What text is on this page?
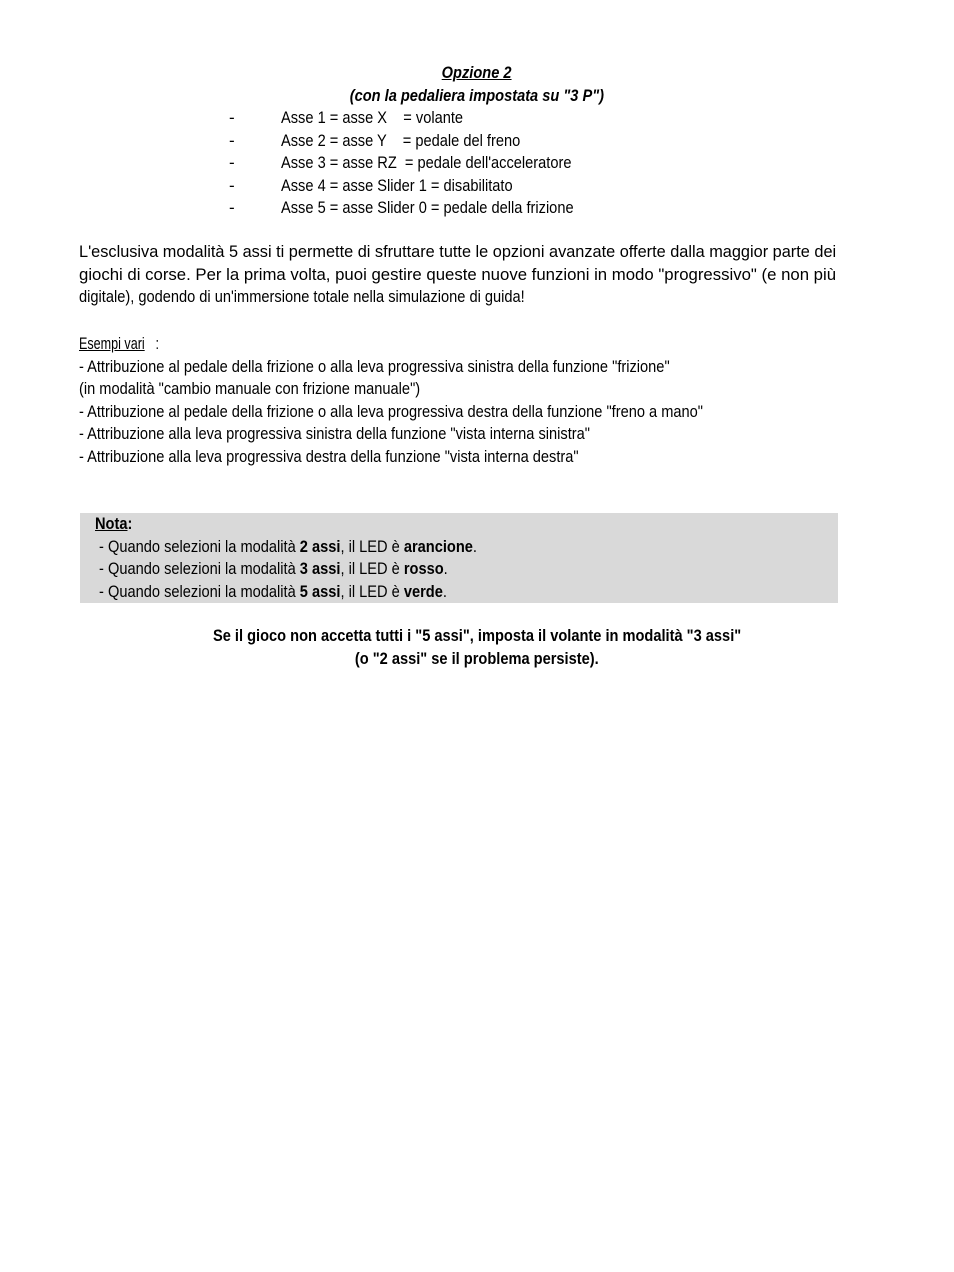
Opzione 2
(con la pedaliera impostata su "3 P")
-	Asse 1 = asse X    = volante
-	Asse 2 = asse Y    = pedale del freno
-	Asse 3 = asse RZ  = pedale dell'acceleratore
-	Asse 4 = asse Slider 1 = disabilitato
-	Asse 5 = asse Slider 0 = pedale della frizione
L'esclusiva modalità 5 assi ti permette di sfruttare tutte le opzioni avanzate offerte dalla maggior parte dei
giochi di corse. Per la prima volta, puoi gestire queste nuove funzioni in modo "progressivo" (e non più
digitale), godendo di un'immersione totale nella simulazione di guida!
Esempi vari :
- Attribuzione al pedale della frizione o alla leva progressiva sinistra della funzione "frizione"
(in modalità "cambio manuale con frizione manuale")
- Attribuzione al pedale della frizione o alla leva progressiva destra della funzione "freno a mano"
- Attribuzione alla leva progressiva sinistra della funzione "vista interna sinistra"
- Attribuzione alla leva progressiva destra della funzione "vista interna destra"
Nota:
- Quando selezioni la modalità 2 assi, il LED è arancione.
- Quando selezioni la modalità 3 assi, il LED è rosso.
- Quando selezioni la modalità 5 assi, il LED è verde.
Se il gioco non accetta tutti i "5 assi", imposta il volante in modalità "3 assi"
(o "2 assi" se il problema persiste).
